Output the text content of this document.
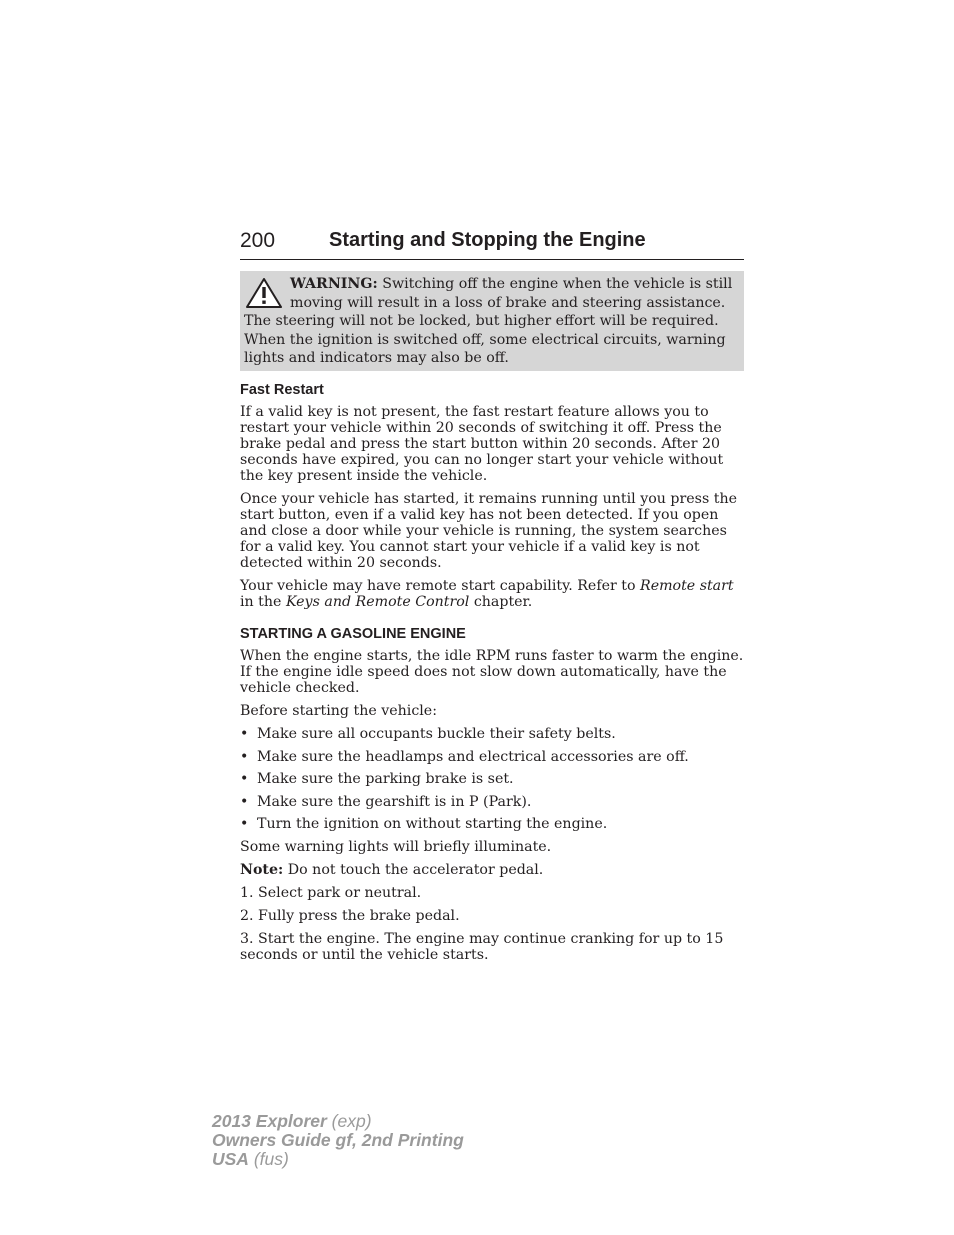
200	Starting and Stopping the Engine

WARNING: Switching off the engine when the vehicle is still moving will result in a loss of brake and steering assistance. The steering will not be locked, but higher effort will be required. When the ignition is switched off, some electrical circuits, warning lights and indicators may also be off.

Fast Restart

If a valid key is not present, the fast restart feature allows you to restart your vehicle within 20 seconds of switching it off. Press the brake pedal and press the start button within 20 seconds. After 20 seconds have expired, you can no longer start your vehicle without the key present inside the vehicle.

Once your vehicle has started, it remains running until you press the start button, even if a valid key has not been detected. If you open and close a door while your vehicle is running, the system searches for a valid key. You cannot start your vehicle if a valid key is not detected within 20 seconds.

Your vehicle may have remote start capability. Refer to Remote start in the Keys and Remote Control chapter.

STARTING A GASOLINE ENGINE

When the engine starts, the idle RPM runs faster to warm the engine. If the engine idle speed does not slow down automatically, have the vehicle checked.

Before starting the vehicle:

• Make sure all occupants buckle their safety belts.
• Make sure the headlamps and electrical accessories are off.
• Make sure the parking brake is set.
• Make sure the gearshift is in P (Park).
• Turn the ignition on without starting the engine.

Some warning lights will briefly illuminate.

Note: Do not touch the accelerator pedal.

1. Select park or neutral.

2. Fully press the brake pedal.

3. Start the engine. The engine may continue cranking for up to 15 seconds or until the vehicle starts.

2013 Explorer (exp)
Owners Guide gf, 2nd Printing
USA (fus)
